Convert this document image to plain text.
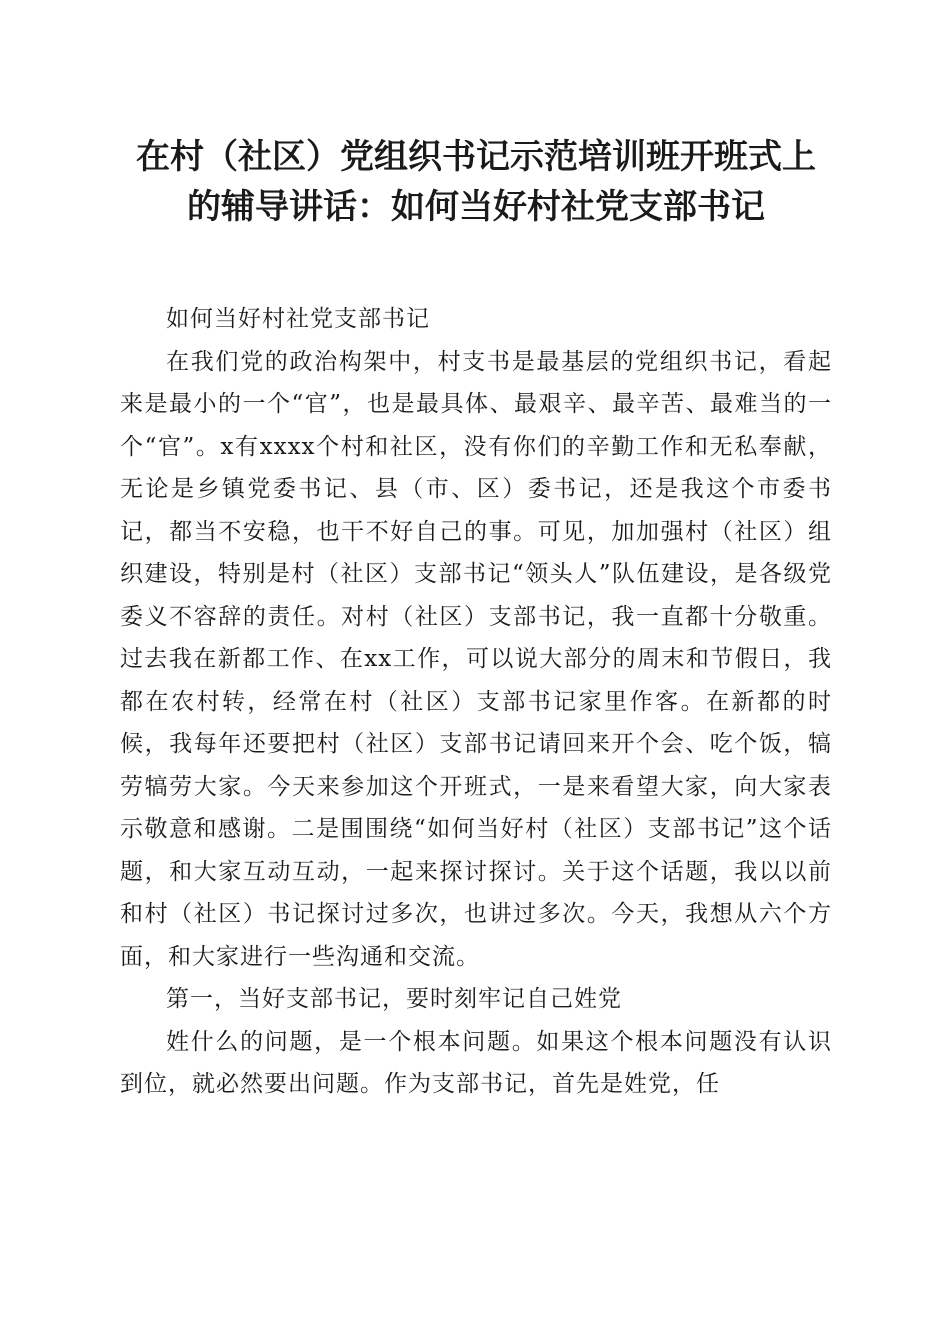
在村（社区）党组织书记示范培训班开班式上
的辅导讲话：如何当好村社党支部书记

如何当好村社党支部书记

在我们党的政治构架中，村支书是最基层的党组织书记，看起来是最小的一个“官”，也是最具体、最艰辛、最辛苦、最难当的一个“官”。x有xxxx个村和社区，没有你们的辛勤工作和无私奉献，无论是乡镇党委书记、县（市、区）委书记，还是我这个市委书记，都当不安稳，也干不好自己的事。可见，加加强村（社区）组织建设，特别是村（社区）支部书记“领头人”队伍建设，是各级党委义不容辞的责任。对村（社区）支部书记，我一直都十分敬重。过去我在新都工作、在xx工作，可以说大部分的周末和节假日，我都在农村转，经常在村（社区）支部书记家里作客。在新都的时候，我每年还要把村（社区）支部书记请回来开个会、吃个饭，犒劳犒劳大家。今天来参加这个开班式，一是来看望大家，向大家表示敬意和感谢。二是围围绕“如何当好村（社区）支部书记”这个话题，和大家互动互动，一起来探讨探讨。关于这个话题，我以以前和村（社区）书记探讨过多次，也讲过多次。今天，我想从六个方面，和大家进行一些沟通和交流。

第一，当好支部书记，要时刻牢记自己姓党

姓什么的问题，是一个根本问题。如果这个根本问题没有认识到位，就必然要出问题。作为支部书记，首先是姓党，任
